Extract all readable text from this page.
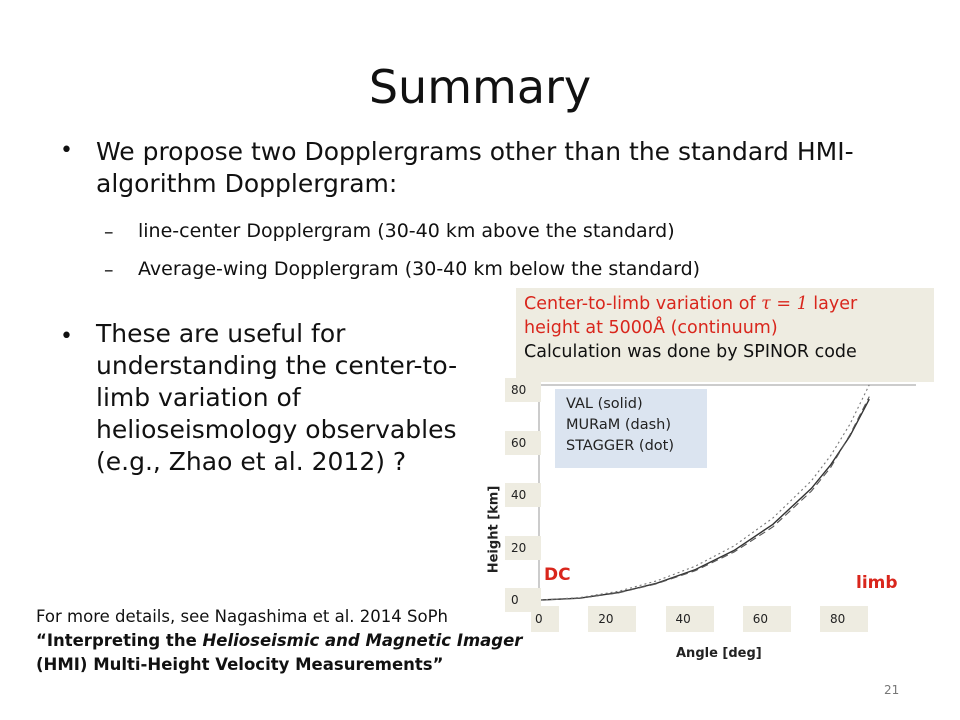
Summary
• We propose two Dopplergrams other than the standard HMI-algorithm Dopplergram:
– line-center Dopplergram (30-40 km above the standard)
– Average-wing Dopplergram (30-40 km below the standard)
• These are useful for understanding the center-to-limb variation of helioseismology observables (e.g., Zhao et al. 2012) ?
0
20
40
60
80
0	20	40	60	80
VAL (solid)
MURaM (dash)
STAGGER (dot)
DC	limb
Height [km]
Angle [deg]
Center-to-limb variation of τ = 1 layer
height at 5000Å (continuum)
Calculation was done by SPINOR code
For more details, see Nagashima et al. 2014 SoPh
“Interpreting the Helioseismic and Magnetic Imager
(HMI) Multi-Height Velocity Measurements”
21
